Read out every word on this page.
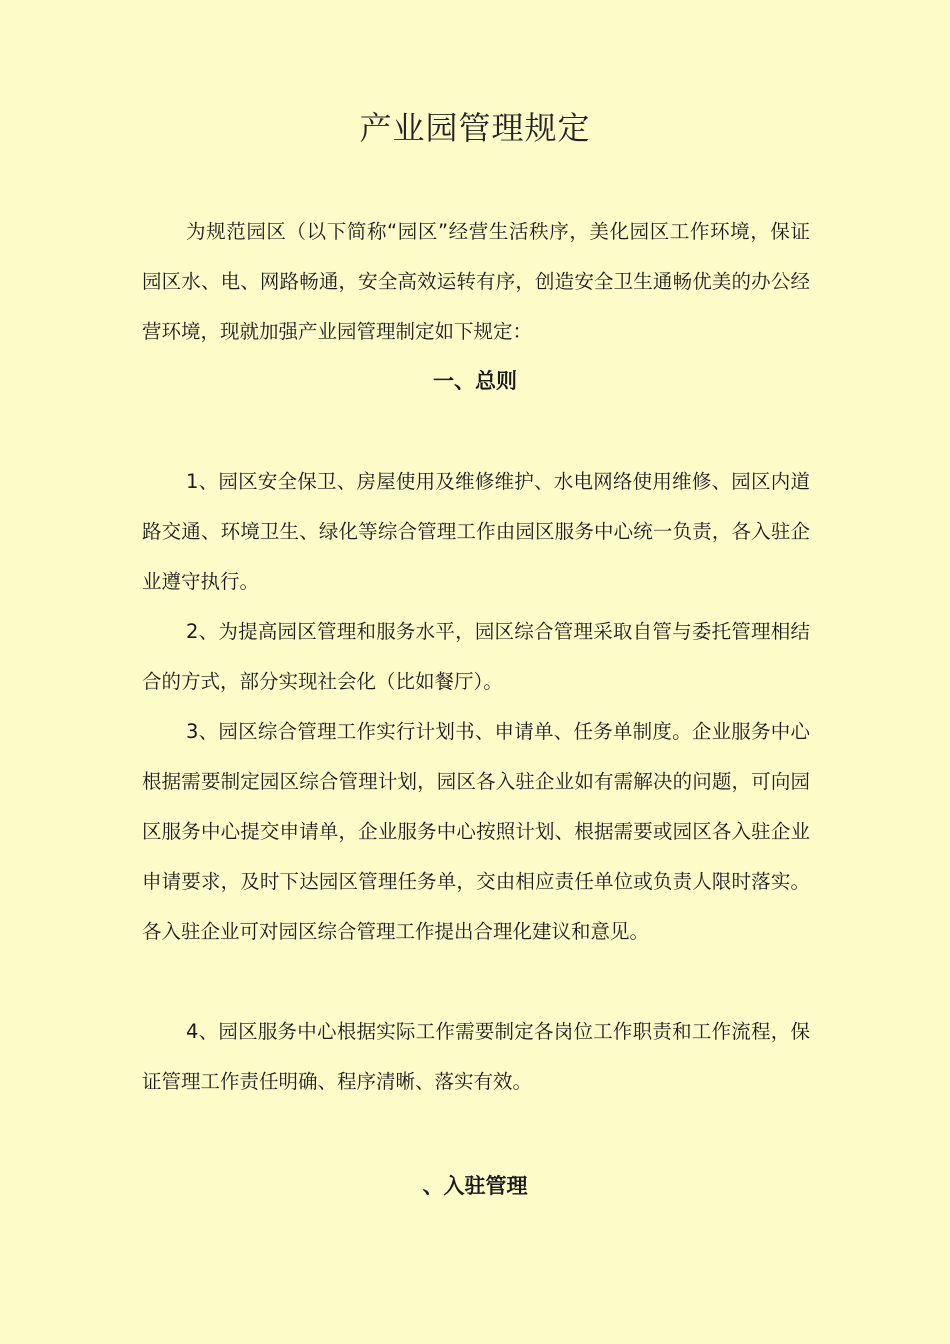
产业园管理规定

为规范园区（以下简称“园区”经营生活秩序，美化园区工作环境，保证园区水、电、网路畅通，安全高效运转有序，创造安全卫生通畅优美的办公经营环境，现就加强产业园管理制定如下规定：

一、总则

1、园区安全保卫、房屋使用及维修维护、水电网络使用维修、园区内道路交通、环境卫生、绿化等综合管理工作由园区服务中心统一负责，各入驻企业遵守执行。

2、为提高园区管理和服务水平，园区综合管理采取自管与委托管理相结合的方式，部分实现社会化（比如餐厅）。

3、园区综合管理工作实行计划书、申请单、任务单制度。企业服务中心根据需要制定园区综合管理计划，园区各入驻企业如有需解决的问题，可向园区服务中心提交申请单，企业服务中心按照计划、根据需要或园区各入驻企业申请要求，及时下达园区管理任务单，交由相应责任单位或负责人限时落实。各入驻企业可对园区综合管理工作提出合理化建议和意见。

4、园区服务中心根据实际工作需要制定各岗位工作职责和工作流程，保证管理工作责任明确、程序清晰、落实有效。

、入驻管理
